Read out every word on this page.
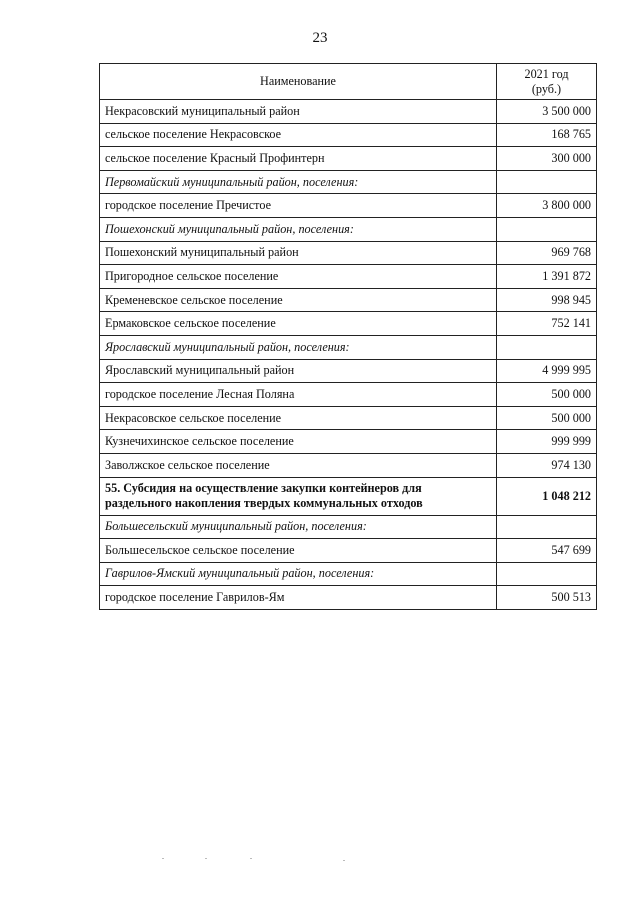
23
Наименование	2021 год
(руб.)
Некрасовский муниципальный район	3 500 000
сельское поселение Некрасовское	168 765
сельское поселение Красный Профинтерн	300 000
Первомайский муниципальный район, поселения:	
городское поселение Пречистое	3 800 000
Пошехонский муниципальный район, поселения:	
Пошехонский муниципальный район	969 768
Пригородное сельское поселение	1 391 872
Кременевское сельское поселение	998 945
Ермаковское сельское поселение	752 141
Ярославский муниципальный район, поселения:	
Ярославский муниципальный район	4 999 995
городское поселение Лесная Поляна	500 000
Некрасовское сельское поселение	500 000
Кузнечихинское сельское поселение	999 999
Заволжское сельское поселение	974 130
55. Субсидия на осуществление закупки контейнеров для раздельного накопления твердых коммунальных отходов	1 048 212
Большесельский муниципальный район, поселения:	
Большесельское сельское поселение	547 699
Гаврилов-Ямский муниципальный район, поселения:	
городское поселение Гаврилов-Ям	500 513
